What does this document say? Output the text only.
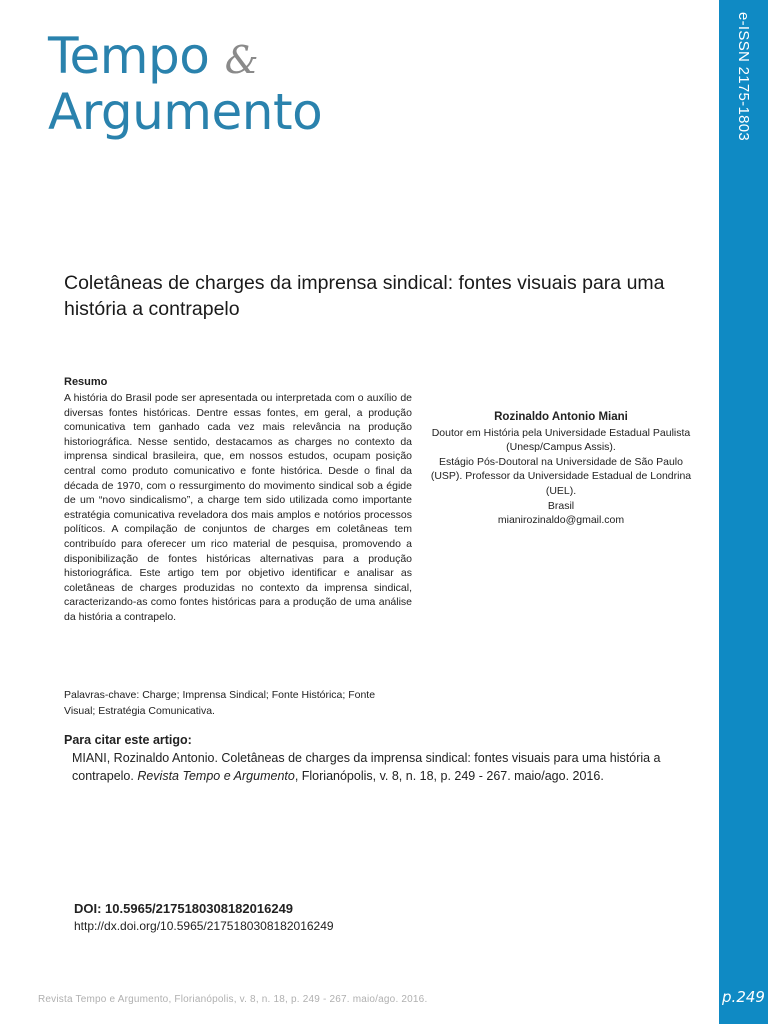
e-ISSN 2175-1803
p.249
Tempo &
Argumento
Coletâneas de charges da imprensa sindical: fontes visuais para uma história a contrapelo
Resumo
A história do Brasil pode ser apresentada ou interpretada com o auxílio de diversas fontes históricas. Dentre essas fontes, em geral, a produção comunicativa tem ganhado cada vez mais relevância na produção historiográfica. Nesse sentido, destacamos as charges no contexto da imprensa sindical brasileira, que, em nossos estudos, ocupam posição central como produto comunicativo e fonte histórica. Desde o final da década de 1970, com o ressurgimento do movimento sindical sob a égide de um “novo sindicalismo”, a charge tem sido utilizada como importante estratégia comunicativa reveladora dos mais amplos e notórios processos políticos. A compilação de conjuntos de charges em coletâneas tem contribuído para oferecer um rico material de pesquisa, promovendo a disponibilização de fontes históricas alternativas para a produção historiográfica. Este artigo tem por objetivo identificar e analisar as coletâneas de charges produzidas no contexto da imprensa sindical, caracterizando-as como fontes históricas para a produção de uma análise da história a contrapelo.
Palavras-chave: Charge; Imprensa Sindical; Fonte Histórica; Fonte Visual; Estratégia Comunicativa.
Rozinaldo Antonio Miani
Doutor em História pela Universidade Estadual Paulista (Unesp/Campus Assis).
Estágio Pós-Doutoral na Universidade de São Paulo (USP). Professor da Universidade Estadual de Londrina (UEL).
Brasil
mianirozinaldo@gmail.com
Para citar este artigo:
MIANI, Rozinaldo Antonio. Coletâneas de charges da imprensa sindical: fontes visuais para uma história a contrapelo. Revista Tempo e Argumento, Florianópolis, v. 8, n. 18, p. 249 - 267. maio/ago. 2016.
DOI: 10.5965/2175180308182016249
http://dx.doi.org/10.5965/2175180308182016249
Revista Tempo e Argumento, Florianópolis, v. 8, n. 18, p. 249 - 267. maio/ago. 2016.
